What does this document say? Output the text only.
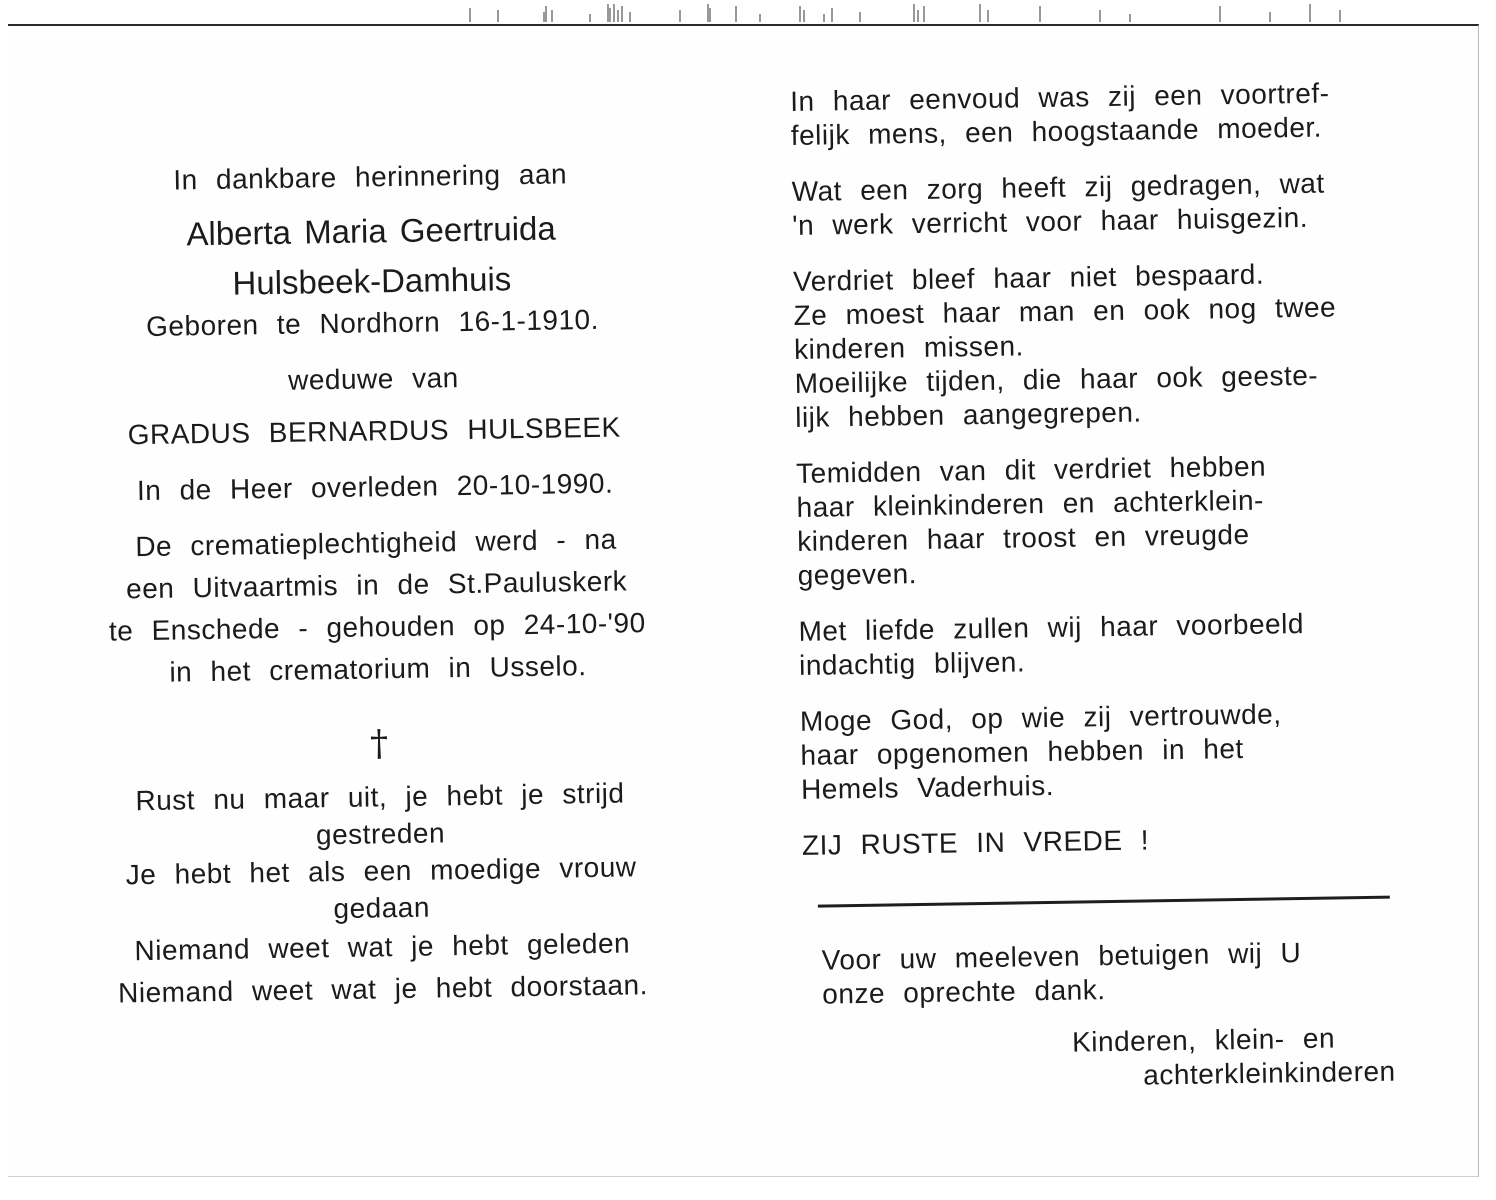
In dankbare herinnering aan
Alberta Maria Geertruida
Hulsbeek-Damhuis
Geboren te Nordhorn 16-1-1910.
weduwe van
GRADUS BERNARDUS HULSBEEK
In de Heer overleden 20-10-1990.
De crematieplechtigheid werd - na
een Uitvaartmis in de St.Pauluskerk
te Enschede - gehouden op 24-10-'90
in het crematorium in Usselo.
†
Rust nu maar uit, je hebt je strijd
gestreden
Je hebt het als een moedige vrouw
gedaan
Niemand weet wat je hebt geleden
Niemand weet wat je hebt doorstaan.
In haar eenvoud was zij een voortref-
felijk mens, een hoogstaande moeder.
Wat een zorg heeft zij gedragen, wat
'n werk verricht voor haar huisgezin.
Verdriet bleef haar niet bespaard.
Ze moest haar man en ook nog twee
kinderen missen.
Moeilijke tijden, die haar ook geeste-
lijk hebben aangegrepen.
Temidden van dit verdriet hebben
haar kleinkinderen en achterklein-
kinderen haar troost en vreugde
gegeven.
Met liefde zullen wij haar voorbeeld
indachtig blijven.
Moge God, op wie zij vertrouwde,
haar opgenomen hebben in het
Hemels Vaderhuis.
ZIJ RUSTE IN VREDE !
Voor uw meeleven betuigen wij U
onze oprechte dank.
Kinderen, klein- en
achterkleinkinderen
